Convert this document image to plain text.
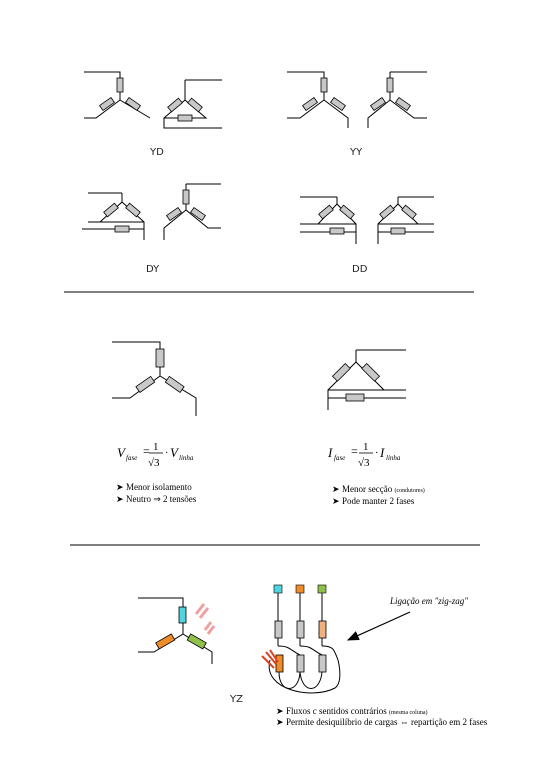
YD	YY
DY	DD
V fase = 1
√3
· V linha	I fase = 1
√3
· I linha
➤ Menor isolamento
➤ Neutro ⇒ 2 tensões
➤ Menor secção (condutores)
➤ Pode manter 2 fases
YZ
Ligação em "zig-zag"
➤ Fluxos c sentidos contrários (mesma coluna)
➤ Permite desiquilíbrio de cargas ⇔ repartição em 2 fases
